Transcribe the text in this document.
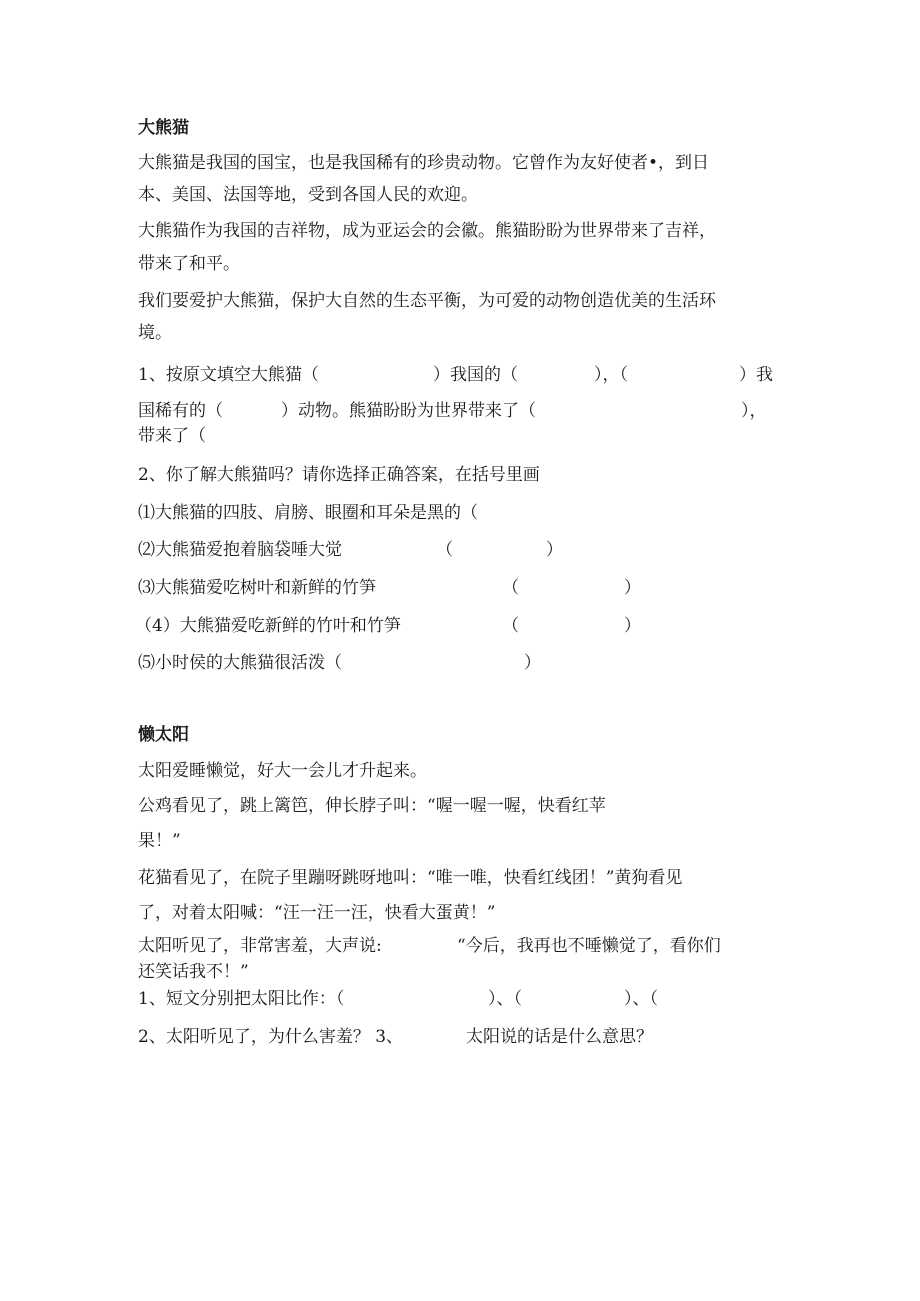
大熊猫
大熊猫是我国的国宝，也是我国稀有的珍贵动物。它曾作为友好使者•，到日
本、美国、法国等地，受到各国人民的欢迎。
大熊猫作为我国的吉祥物，成为亚运会的会徽。熊猫盼盼为世界带来了吉祥，
带来了和平。
我们要爱护大熊猫，保护大自然的生态平衡，为可爱的动物创造优美的生活环
境。
1、按原文填空大熊猫（	）我国的（	），（	）我
国稀有的（	）动物。熊猫盼盼为世界带来了（	），
带来了（
2、你了解大熊猫吗？请你选择正确答案，在括号里画
⑴大熊猫的四肢、肩膀、眼圈和耳朵是黑的（
⑵大熊猫爱抱着脑袋唾大觉	（	）
⑶大熊猫爱吃树叶和新鲜的竹笋	（	）
（4）大熊猫爱吃新鲜的竹叶和竹笋	（	）
⑸小时侯的大熊猫很活泼（	）
懒太阳
太阳爱睡懒觉，好大一会儿才升起来。
公鸡看见了，跳上篱笆，伸长脖子叫：“喔一喔一喔，快看红苹
果！”
花猫看见了，在院子里蹦呀跳呀地叫：“唯一唯，快看红线团！”黄狗看见
了，对着太阳喊：“汪一汪一汪，快看大蛋黄！”
太阳听见了，非常害羞，大声说:	“今后，我再也不唾懒觉了，看你们
还笑话我不！”
1、短文分别把太阳比作：（	）、（	）、（
2、太阳听见了，为什么害羞？ 3、	太阳说的话是什么意思？
